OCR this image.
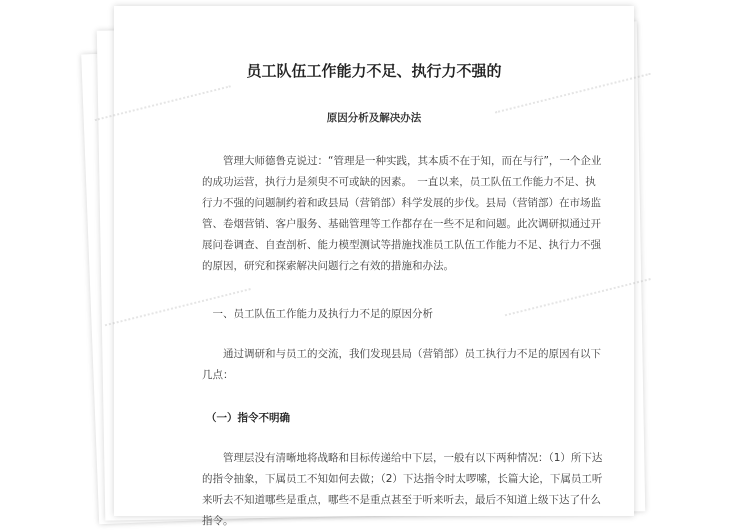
员工队伍工作能力不足、执行力不强的
原因分析及解决办法
管理大师德鲁克说过：“管理是一种实践，其本质不在于知，而在与行”，一个企业的成功运营，执行力是须臾不可或缺的因素。　一直以来，员工队伍工作能力不足、执行力不强的问题制约着和政县局（营销部）科学发展的步伐。县局（营销部）在市场监管、卷烟营销、客户服务、基础管理等工作都存在一些不足和问题。此次调研拟通过开展问卷调查、自查剖析、能力模型测试等措施找准员工队伍工作能力不足、执行力不强的原因，研究和探索解决问题行之有效的措施和办法。
一、员工队伍工作能力及执行力不足的原因分析
通过调研和与员工的交流，我们发现县局（营销部）员工执行力不足的原因有以下几点：
（一）指令不明确
管理层没有清晰地将战略和目标传递给中下层，一般有以下两种情况：（1）所下达的指令抽象，下属员工不知如何去做；（2）下达指令时太啰嗦，长篇大论，下属员工听来听去不知道哪些是重点，哪些不是重点甚至于听来听去，最后不知道上级下达了什么指令。
